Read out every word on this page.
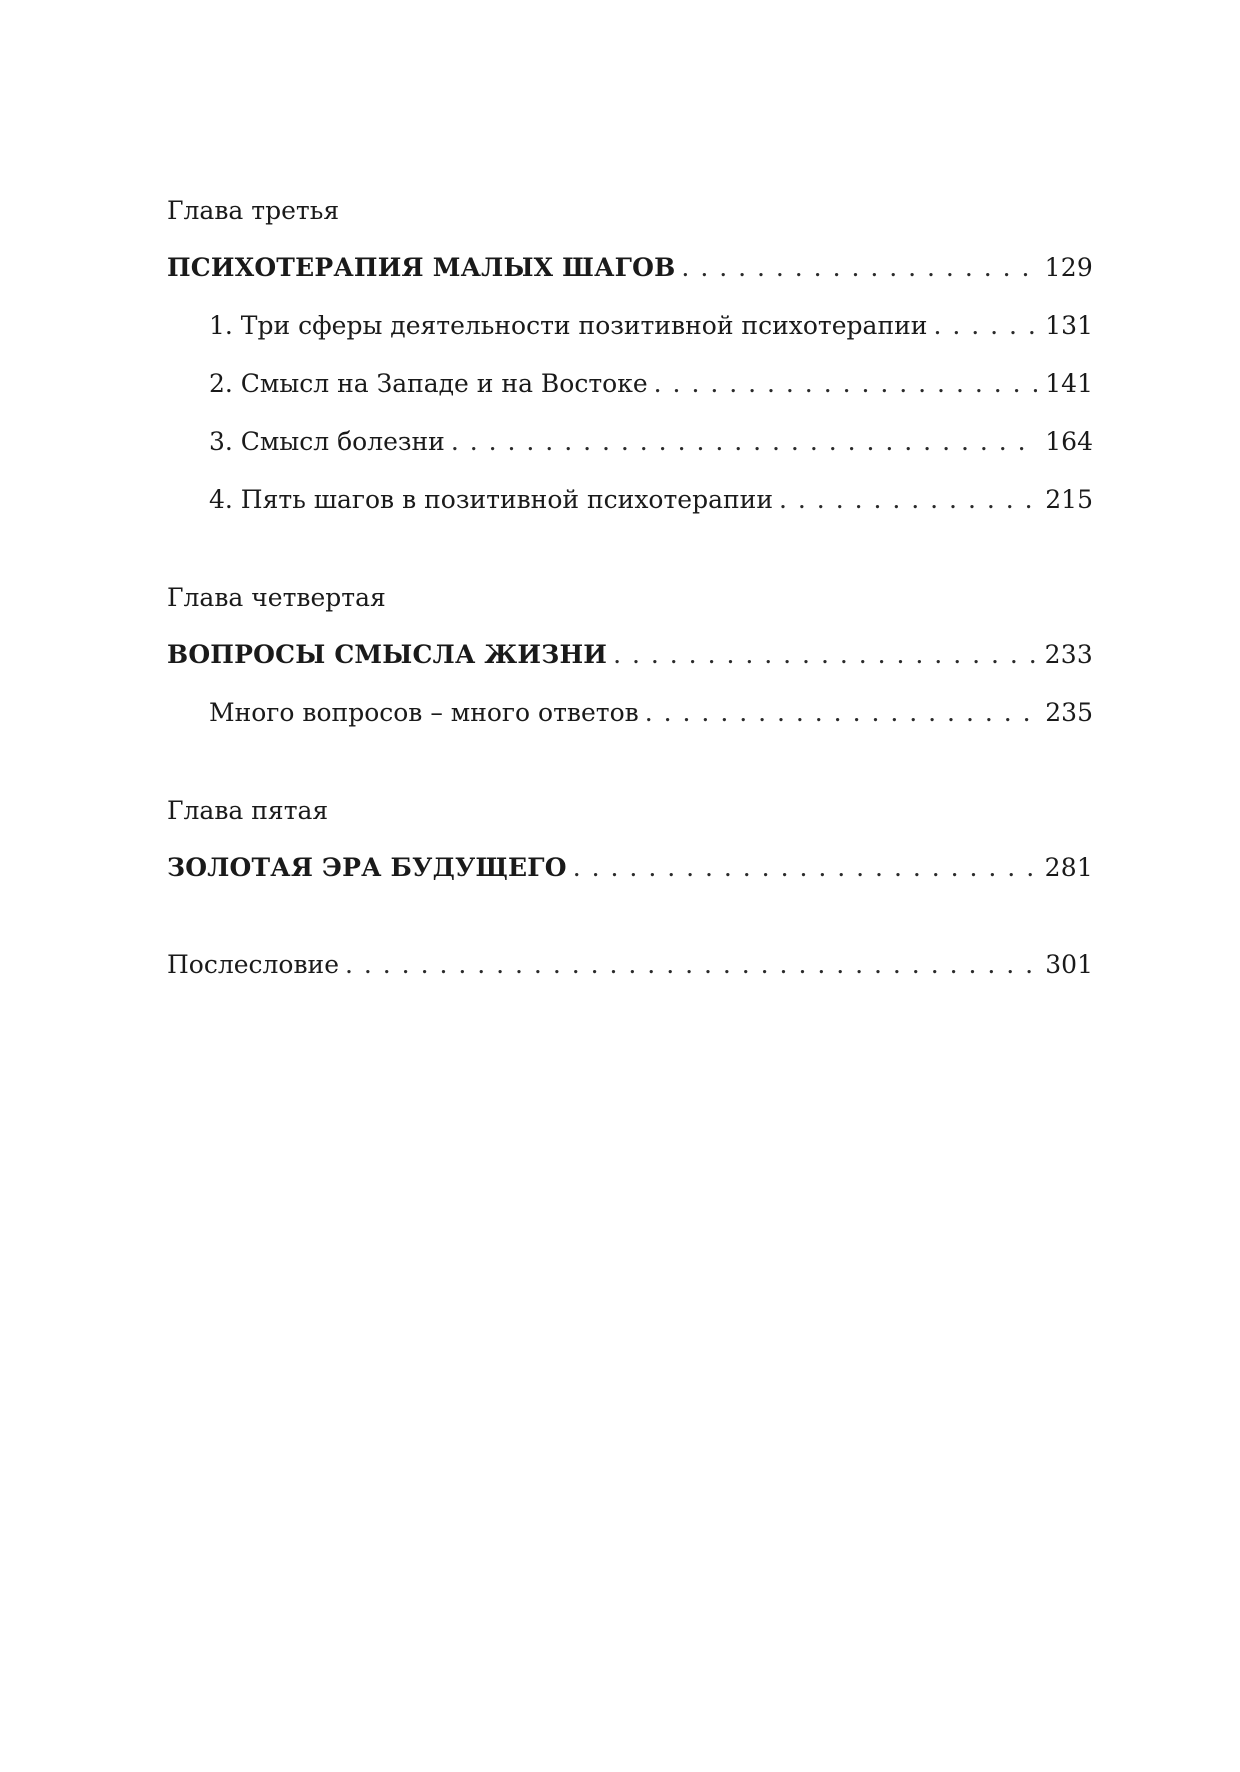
Глава третья

ПСИХОТЕРАПИЯ МАЛЫХ ШАГОВ . . .	129
1. Три сферы деятельности позитивной психотерапии . . .	131
2. Смысл на Западе и на Востоке . . .	141
3. Смысл болезни . . .	164
4. Пять шагов в позитивной психотерапии . . .	215

Глава четвертая

ВОПРОСЫ СМЫСЛА ЖИЗНИ . . .	233
Много вопросов – много ответов . . .	235

Глава пятая

ЗОЛОТАЯ ЭРА БУДУЩЕГО . . .	281
Послесловие . . .	301
